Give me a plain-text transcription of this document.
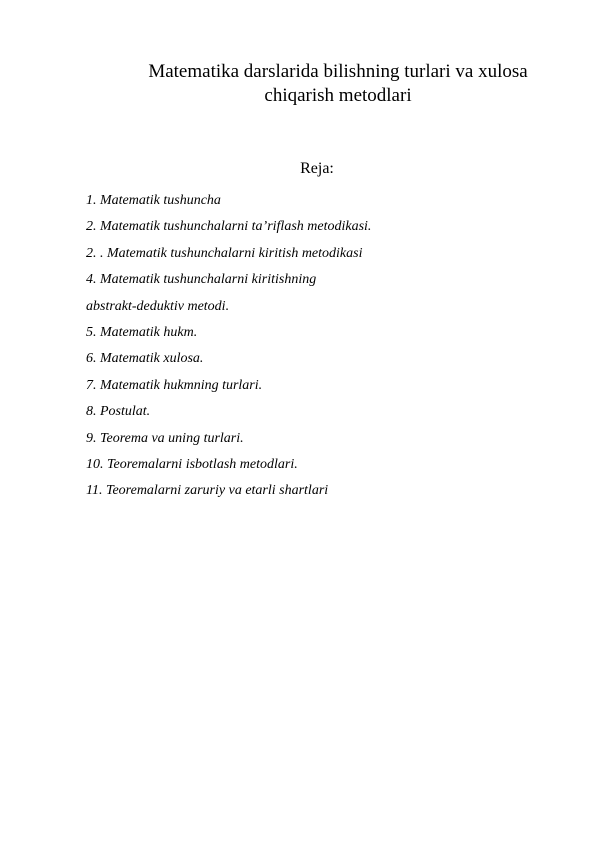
Matematika darslarida bilishning turlari va xulosa
chiqarish metodlari

Reja:

1. Matematik tushuncha
2. Matematik tushunchalarni ta’riflash metodikasi.
2. . Matematik tushunchalarni kiritish metodikasi
4. Matematik tushunchalarni kiritishning
abstrakt-deduktiv metodi.
5. Matematik hukm.
6. Matematik xulosa.
7. Matematik hukmning turlari.
8. Postulat.
9. Teorema va uning turlari.
10. Teoremalarni isbotlash metodlari.
11. Teoremalarni zaruriy va etarli shartlari
